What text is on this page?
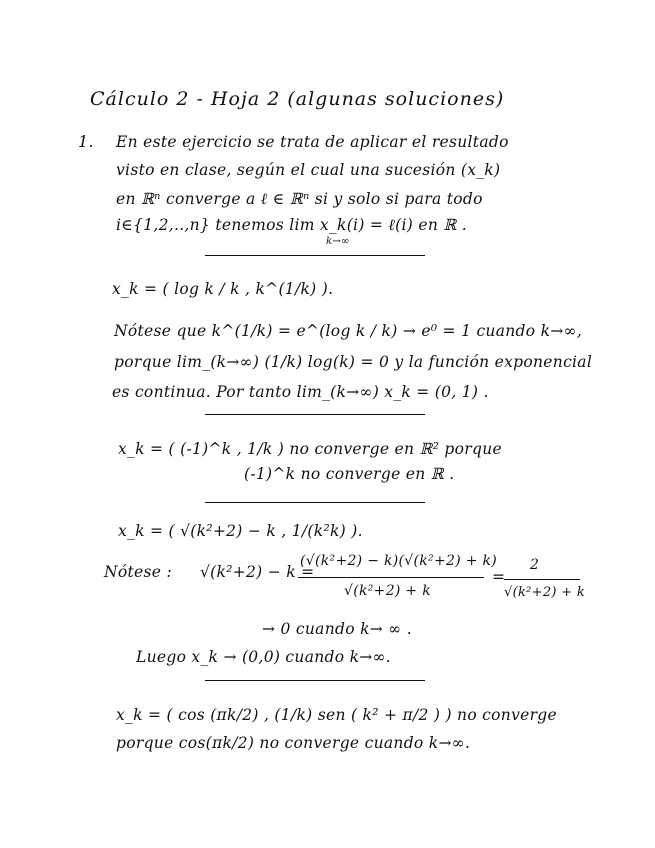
Cálculo 2 - Hoja 2 (algunas soluciones)
1. En este ejercicio se trata de aplicar el resultado
visto en clase, según el cual una sucesión (x_k)
en ℝⁿ converge a ℓ ∈ ℝⁿ si y solo si para todo
i∈{1,2,..,n} tenemos lim x_k(i) = ℓ(i) en ℝ .
k→∞
x_k = ( log k / k , k^(1/k) ).
Nótese que k^(1/k) = e^(log k / k) → e⁰ = 1 cuando k→∞,
porque lim_(k→∞) (1/k) log(k) = 0 y la función exponencial
es continua. Por tanto lim_(k→∞) x_k = (0, 1) .
x_k = ( (-1)^k , 1/k ) no converge en ℝ² porque
(-1)^k no converge en ℝ .
x_k = ( √(k²+2) − k , 1/(k²k) ).
Nótese : √(k²+2) − k =
(√(k²+2) − k)(√(k²+2) + k)
√(k²+2) + k
=
2
√(k²+2) + k
→ 0 cuando k→ ∞ .
Luego x_k → (0,0) cuando k→∞.
x_k = ( cos (πk/2) , (1/k) sen ( k² + π/2 ) ) no converge
porque cos(πk/2) no converge cuando k→∞.
